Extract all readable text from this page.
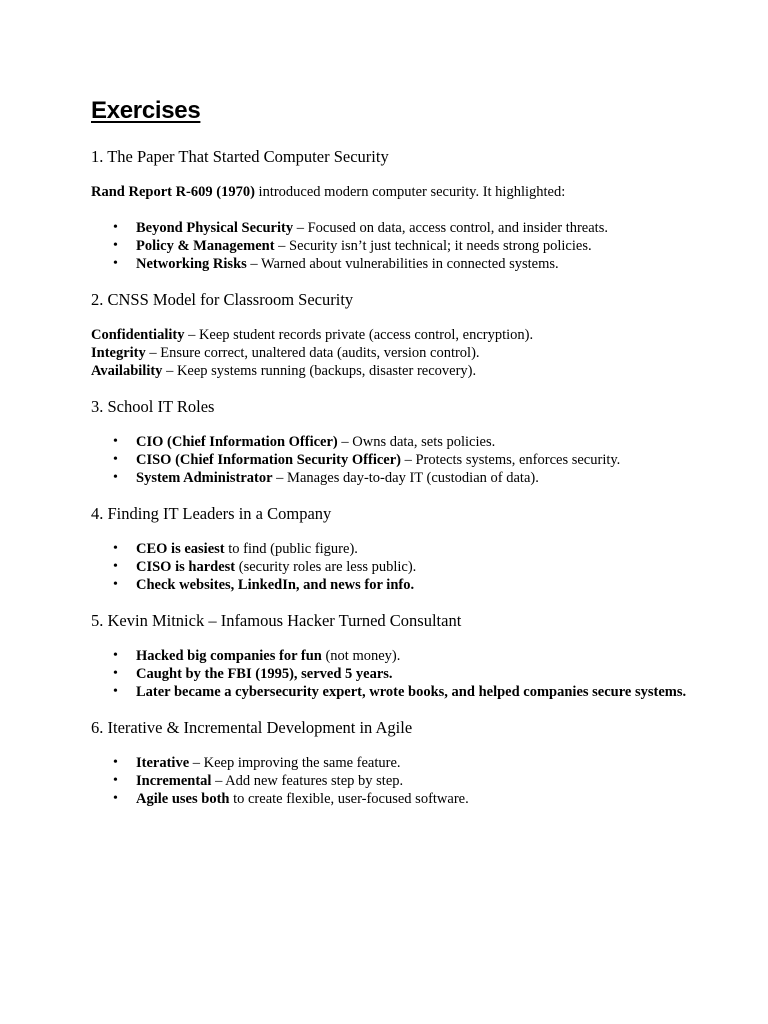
Exercises
1. The Paper That Started Computer Security

Rand Report R-609 (1970) introduced modern computer security. It highlighted:

• Beyond Physical Security – Focused on data, access control, and insider threats.
• Policy & Management – Security isn’t just technical; it needs strong policies.
• Networking Risks – Warned about vulnerabilities in connected systems.
2. CNSS Model for Classroom Security

Confidentiality – Keep student records private (access control, encryption).

Integrity – Ensure correct, unaltered data (audits, version control).

Availability – Keep systems running (backups, disaster recovery).

3. School IT Roles
• CIO (Chief Information Officer) – Owns data, sets policies.
• CISO (Chief Information Security Officer) – Protects systems, enforces security.
• System Administrator – Manages day-to-day IT (custodian of data).
4. Finding IT Leaders in a Company
• CEO is easiest to find (public figure).
• CISO is hardest (security roles are less public).
• Check websites, LinkedIn, and news for info.
5. Kevin Mitnick – Infamous Hacker Turned Consultant
• Hacked big companies for fun (not money).
• Caught by the FBI (1995), served 5 years.
• Later became a cybersecurity expert, wrote books, and helped companies secure systems.
6. Iterative & Incremental Development in Agile
• Iterative – Keep improving the same feature.
• Incremental – Add new features step by step.
• Agile uses both to create flexible, user-focused software.
